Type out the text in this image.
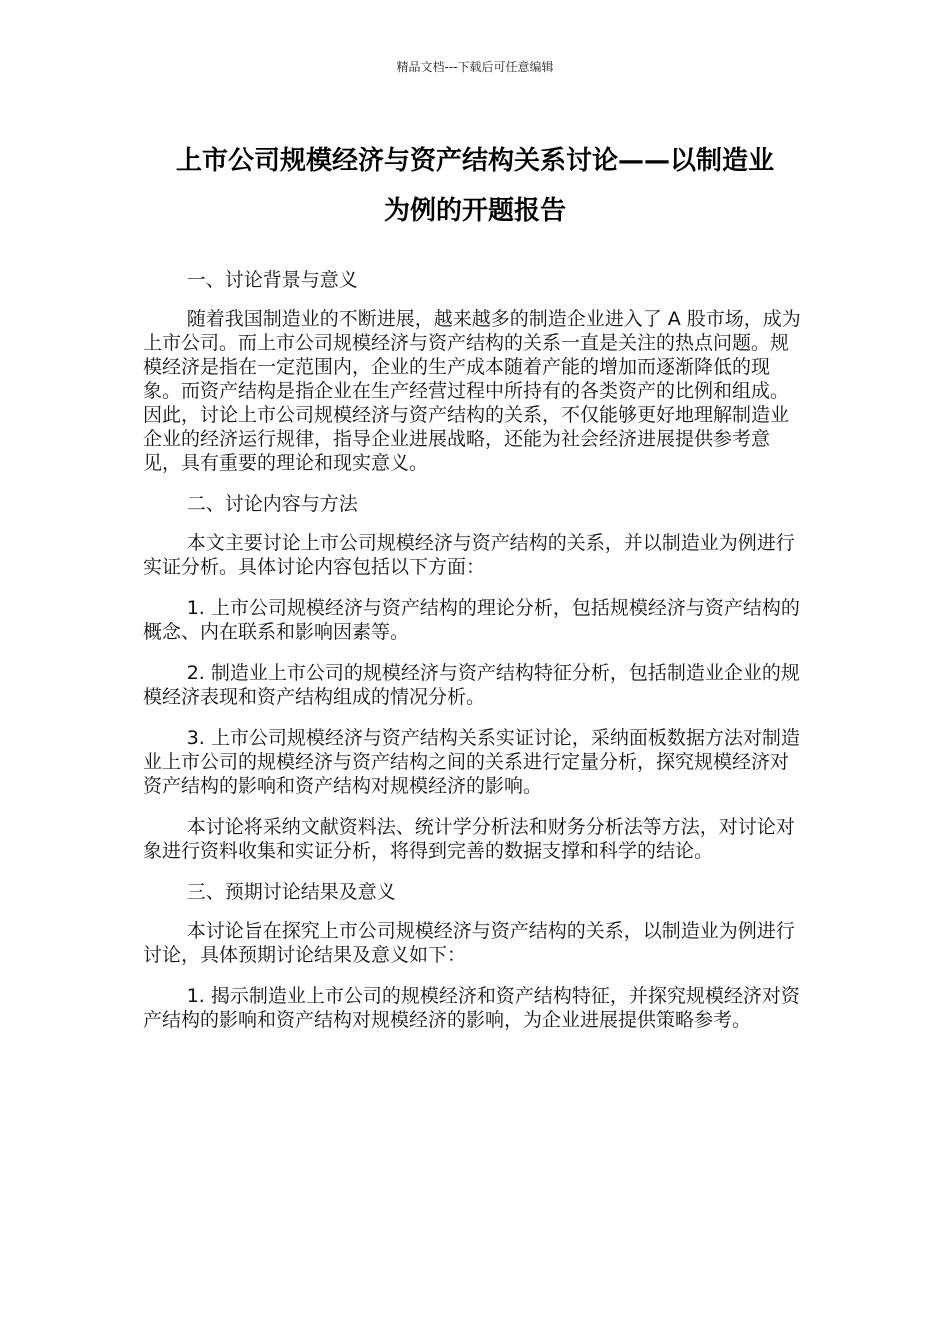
精品文档---下载后可任意编辑
上市公司规模经济与资产结构关系讨论——以制造业
为例的开题报告

一、讨论背景与意义

随着我国制造业的不断进展，越来越多的制造企业进入了 A 股市场，成为上市公司。而上市公司规模经济与资产结构的关系一直是关注的热点问题。规模经济是指在一定范围内，企业的生产成本随着产能的增加而逐渐降低的现象。而资产结构是指企业在生产经营过程中所持有的各类资产的比例和组成。因此，讨论上市公司规模经济与资产结构的关系，不仅能够更好地理解制造业企业的经济运行规律，指导企业进展战略，还能为社会经济进展提供参考意见，具有重要的理论和现实意义。

二、讨论内容与方法

本文主要讨论上市公司规模经济与资产结构的关系，并以制造业为例进行实证分析。具体讨论内容包括以下方面：

1. 上市公司规模经济与资产结构的理论分析，包括规模经济与资产结构的概念、内在联系和影响因素等。

2. 制造业上市公司的规模经济与资产结构特征分析，包括制造业企业的规模经济表现和资产结构组成的情况分析。

3. 上市公司规模经济与资产结构关系实证讨论，采纳面板数据方法对制造业上市公司的规模经济与资产结构之间的关系进行定量分析，探究规模经济对资产结构的影响和资产结构对规模经济的影响。

本讨论将采纳文献资料法、统计学分析法和财务分析法等方法，对讨论对象进行资料收集和实证分析，将得到完善的数据支撑和科学的结论。

三、预期讨论结果及意义

本讨论旨在探究上市公司规模经济与资产结构的关系，以制造业为例进行讨论，具体预期讨论结果及意义如下：

1. 揭示制造业上市公司的规模经济和资产结构特征，并探究规模经济对资产结构的影响和资产结构对规模经济的影响，为企业进展提供策略参考。
